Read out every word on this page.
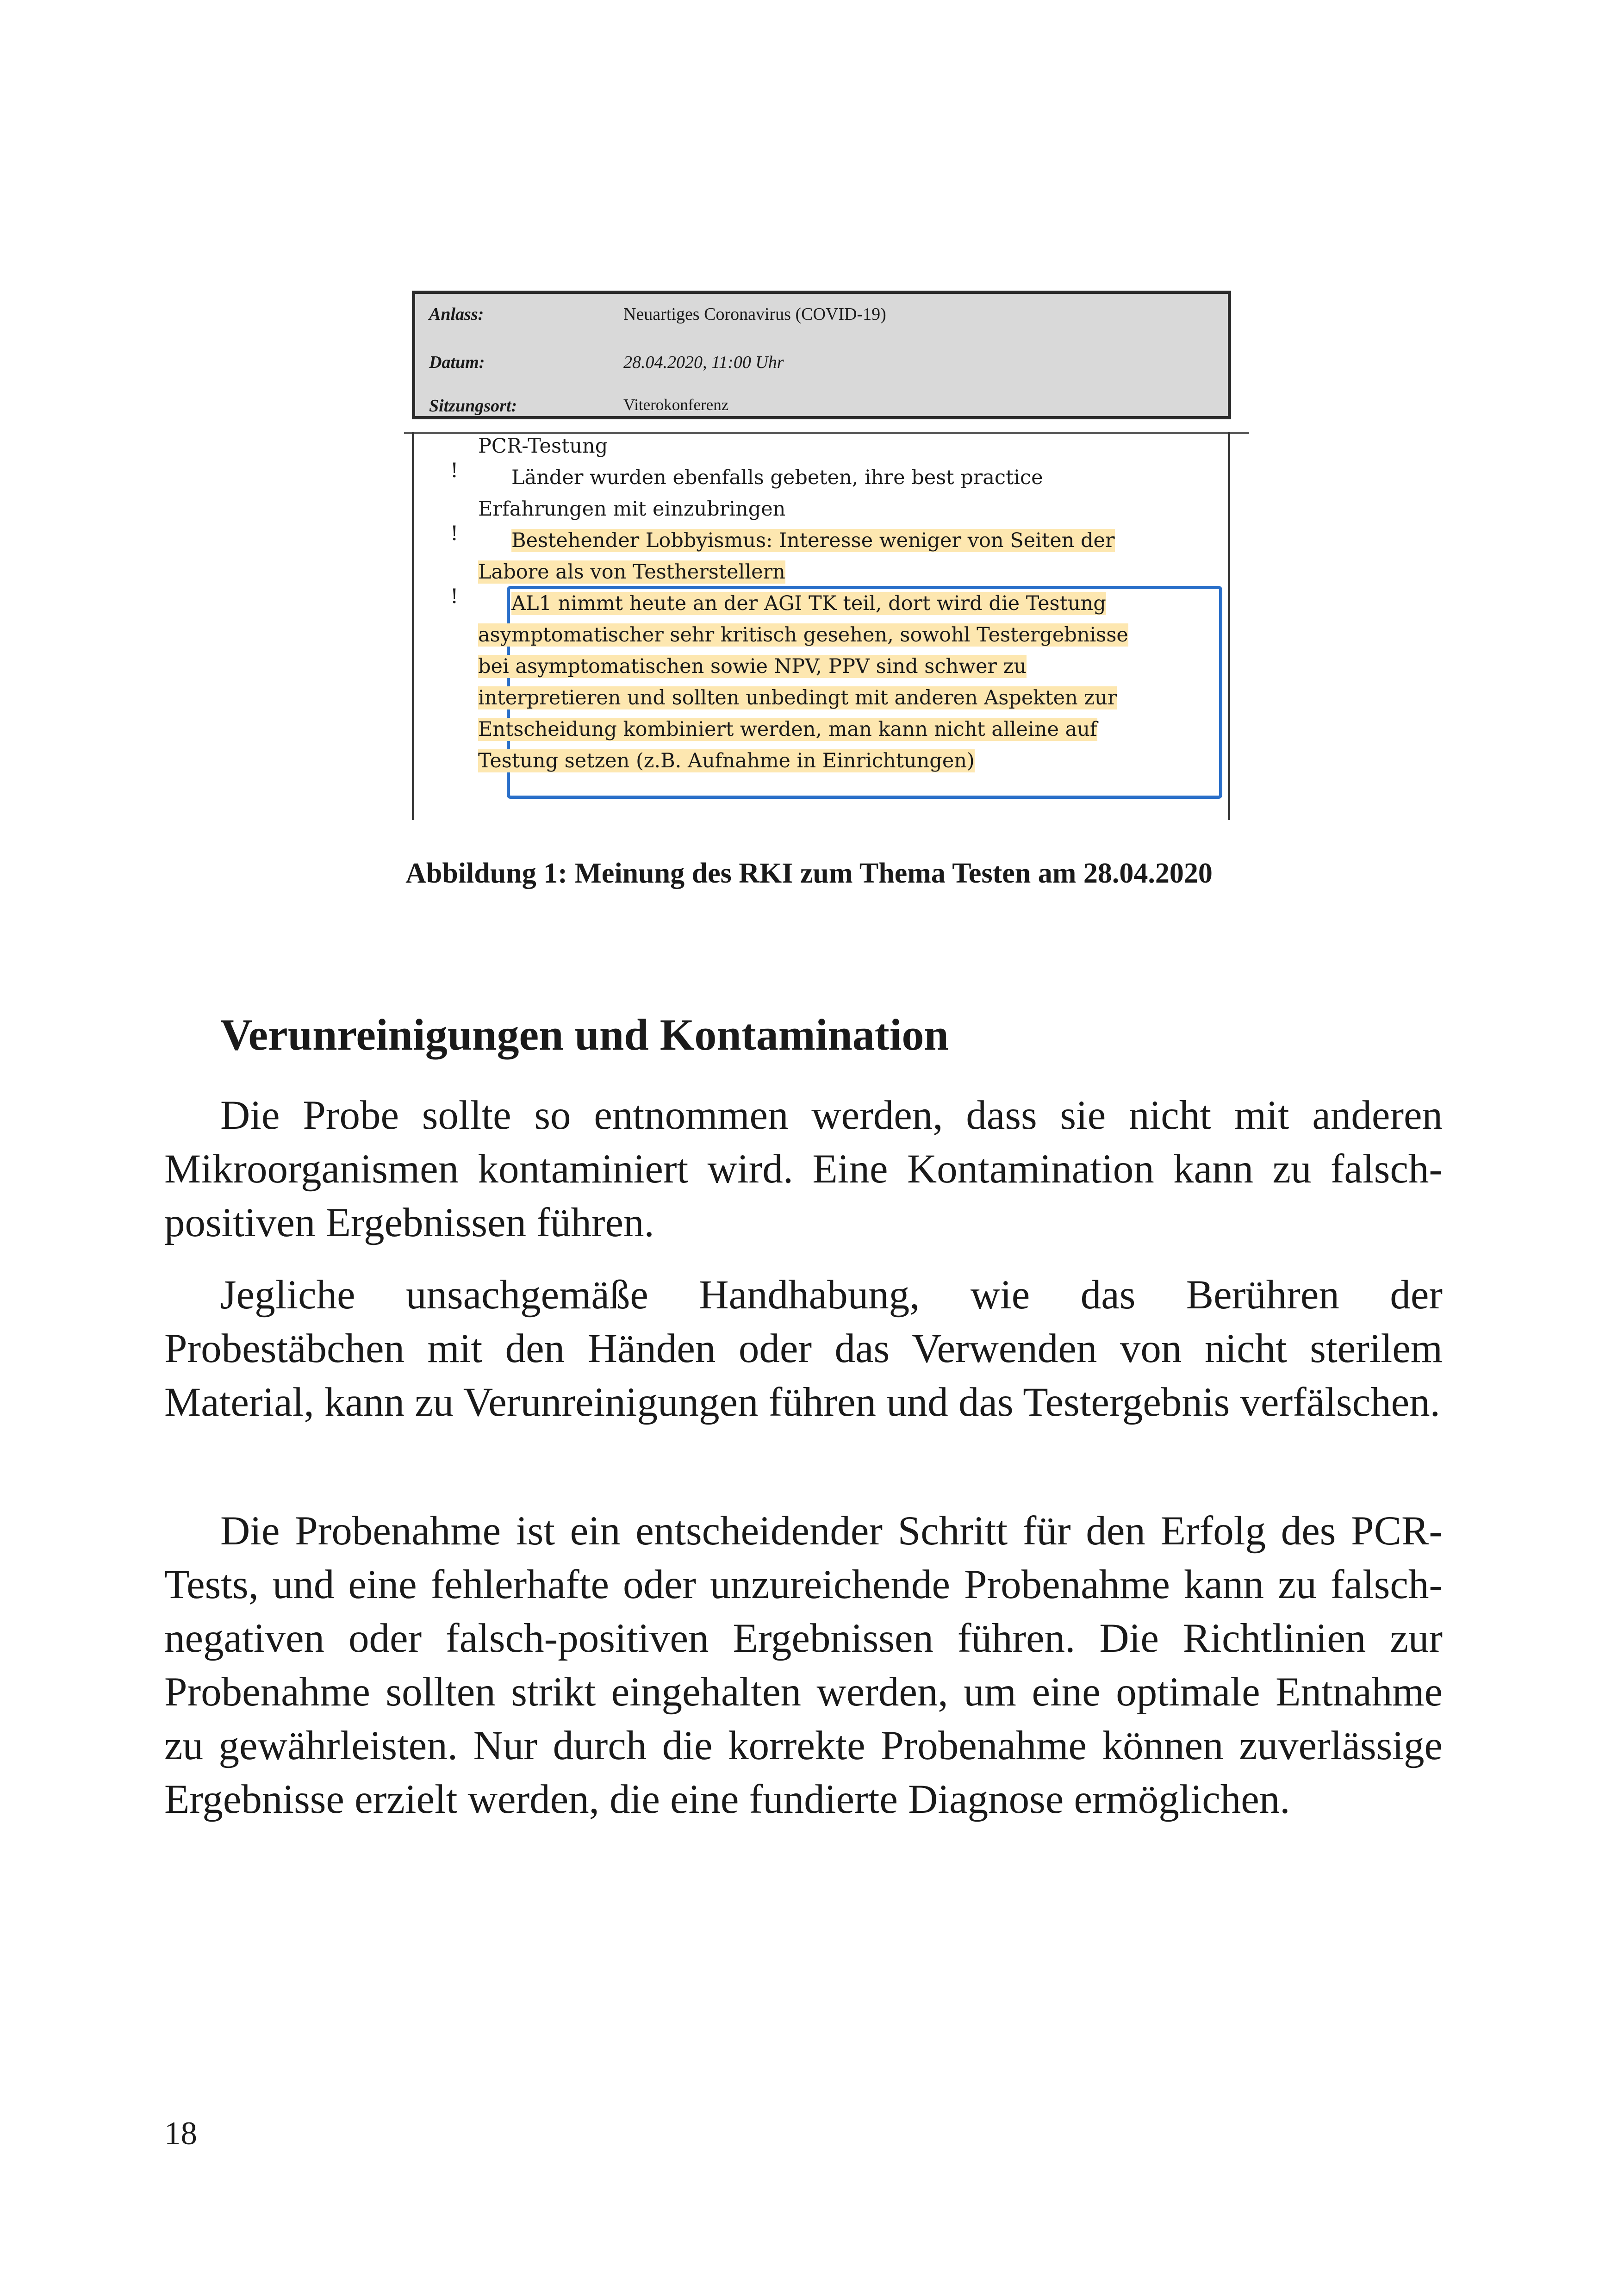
Anlass:	Neuartiges Coronavirus (COVID-19)
Datum:	28.04.2020, 11:00 Uhr
Sitzungsort:	Viterokonferenz
!
!
!
PCR-Testung
Länder wurden ebenfalls gebeten, ihre best practice
Erfahrungen mit einzubringen
Bestehender Lobbyismus: Interesse weniger von Seiten der
Labore als von Testherstellern
AL1 nimmt heute an der AGI TK teil, dort wird die Testung
asymptomatischer sehr kritisch gesehen, sowohl Testergebnisse
bei asymptomatischen sowie NPV, PPV sind schwer zu
interpretieren und sollten unbedingt mit anderen Aspekten zur
Entscheidung kombiniert werden, man kann nicht alleine auf
Testung setzen (z.B. Aufnahme in Einrichtungen)
Abbildung 1: Meinung des RKI zum Thema Testen am 28.04.2020
Verunreinigungen und Kontamination

Die Probe sollte so entnommen werden, dass sie nicht mit anderen Mikroorganismen kontaminiert wird. Eine Kontamination kann zu falsch-positiven Ergebnissen führen.

Jegliche unsachgemäße Handhabung, wie das Berühren der Probestäbchen mit den Händen oder das Verwenden von nicht sterilem Material, kann zu Verunreinigungen führen und das Testergebnis verfälschen.

Die Probenahme ist ein entscheidender Schritt für den Erfolg des PCR-Tests, und eine fehlerhafte oder unzureichende Probenahme kann zu falsch-negativen oder falsch-positiven Ergebnissen führen. Die Richtlinien zur Probenahme sollten strikt eingehalten werden, um eine optimale Entnahme zu gewährleisten. Nur durch die korrekte Probenahme können zuverlässige Ergebnisse erzielt werden, die eine fundierte Diagnose ermöglichen.

18
